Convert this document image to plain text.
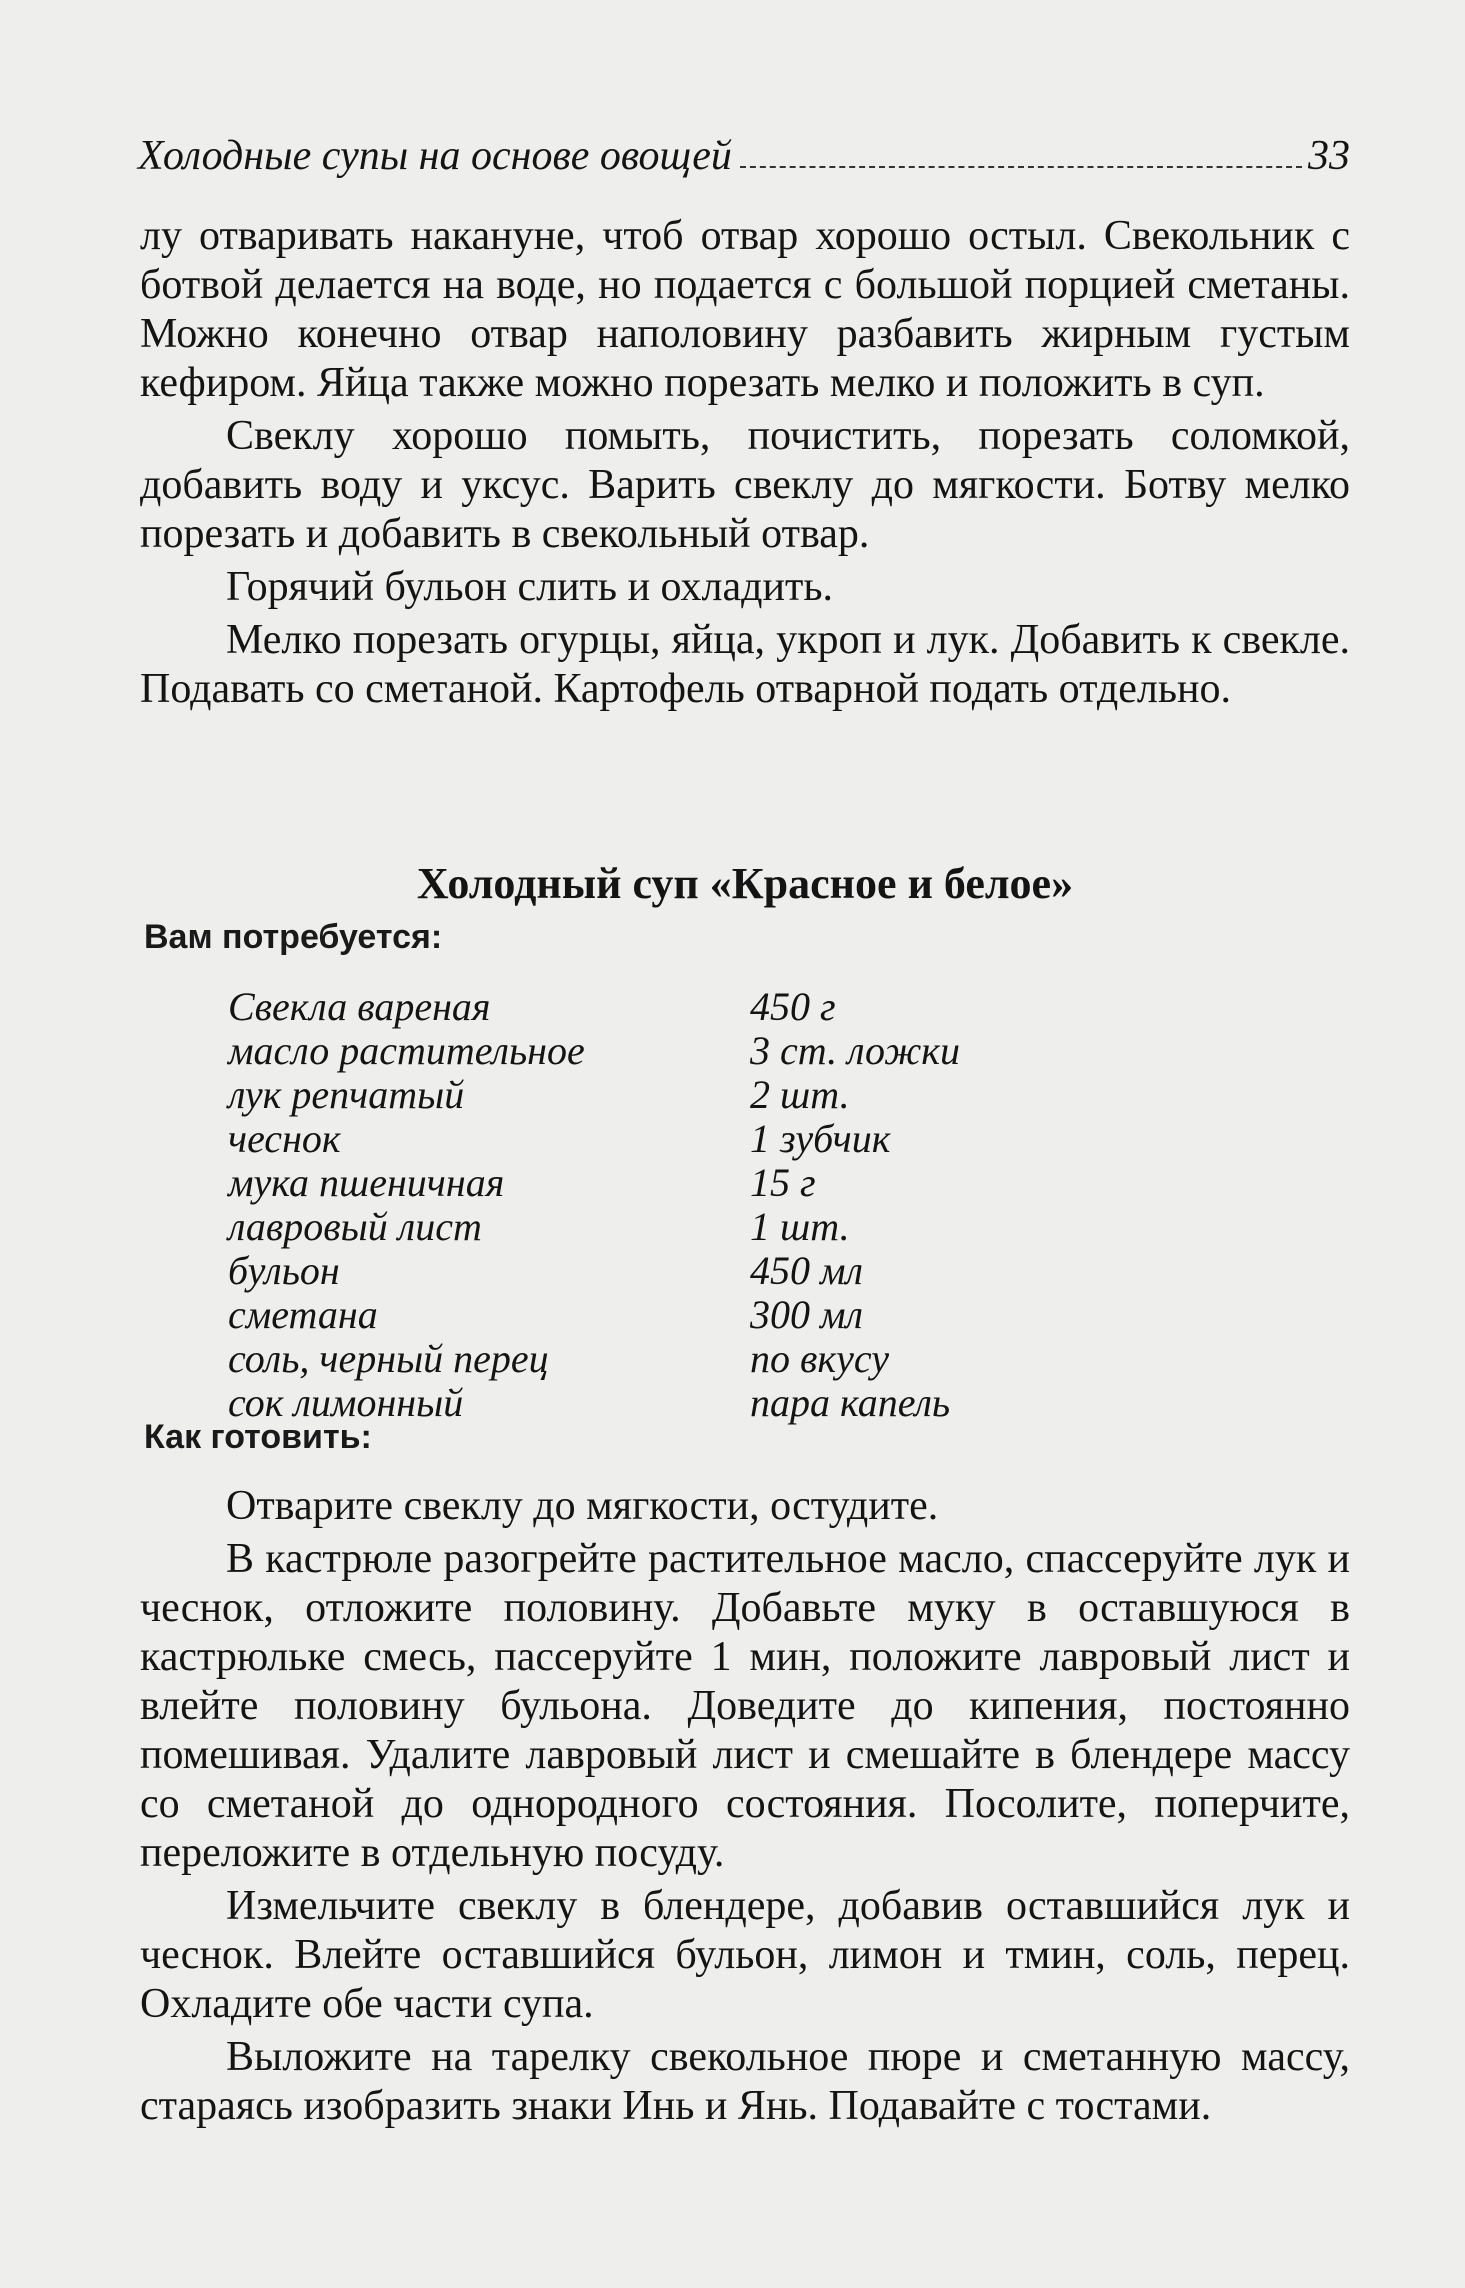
Холодные супы на основе овощей	33

лу отваривать накануне, чтоб отвар хорошо остыл. Свекольник с ботвой делается на воде, но подается с большой порцией сметаны. Можно конечно отвар наполовину разбавить жирным густым кефиром. Яйца также можно порезать мелко и положить в суп.

Свеклу хорошо помыть, почистить, порезать соломкой, добавить воду и уксус. Варить свеклу до мягкости. Ботву мелко порезать и добавить в свекольный отвар.

Горячий бульон слить и охладить.

Мелко порезать огурцы, яйца, укроп и лук. Добавить к свекле. Подавать со сметаной. Картофель отварной подать отдельно.

Холодный суп «Красное и белое»
Вам потребуется:
Свекла вареная	450 г
масло растительное	3 ст. ложки
лук репчатый	2 шт.
чеснок	1 зубчик
мука пшеничная	15 г
лавровый лист	1 шт.
бульон	450 мл
сметана	300 мл
соль, черный перец	по вкусу
сок лимонный	пара капель
Как готовить:

Отварите свеклу до мягкости, остудите.

В кастрюле разогрейте растительное масло, спассеруйте лук и чеснок, отложите половину. Добавьте муку в оставшуюся в кастрюльке смесь, пассеруйте 1 мин, положите лавровый лист и влейте половину бульона. Доведите до кипения, постоянно помешивая. Удалите лавровый лист и смешайте в блендере массу со сметаной до однородного состояния. Посолите, поперчите, переложите в отдельную посуду.

Измельчите свеклу в блендере, добавив оставшийся лук и чеснок. Влейте оставшийся бульон, лимон и тмин, соль, перец. Охладите обе части супа.

Выложите на тарелку свекольное пюре и сметанную массу, стараясь изобразить знаки Инь и Янь. Подавайте с тостами.
